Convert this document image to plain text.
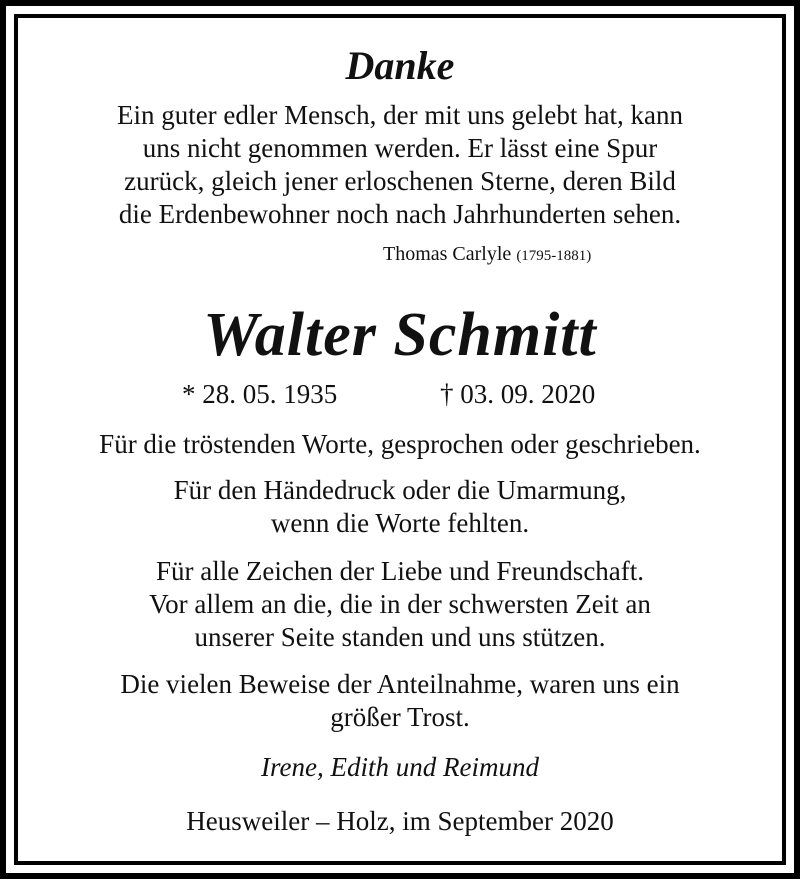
Danke

Ein guter edler Mensch, der mit uns gelebt hat, kann

uns nicht genommen werden. Er lässt eine Spur

zurück, gleich jener erloschenen Sterne, deren Bild

die Erdenbewohner noch nach Jahrhunderten sehen.

Thomas Carlyle (1795-1881)
Walter Schmitt
* 28. 05. 1935	† 03. 09. 2020

Für die tröstenden Worte, gesprochen oder geschrieben.

Für den Händedruck oder die Umarmung,

wenn die Worte fehlten.

Für alle Zeichen der Liebe und Freundschaft.

Vor allem an die, die in der schwersten Zeit an

unserer Seite standen und uns stützen.

Die vielen Beweise der Anteilnahme, waren uns ein

größer Trost.

Irene, Edith und Reimund
Heusweiler – Holz, im September 2020
